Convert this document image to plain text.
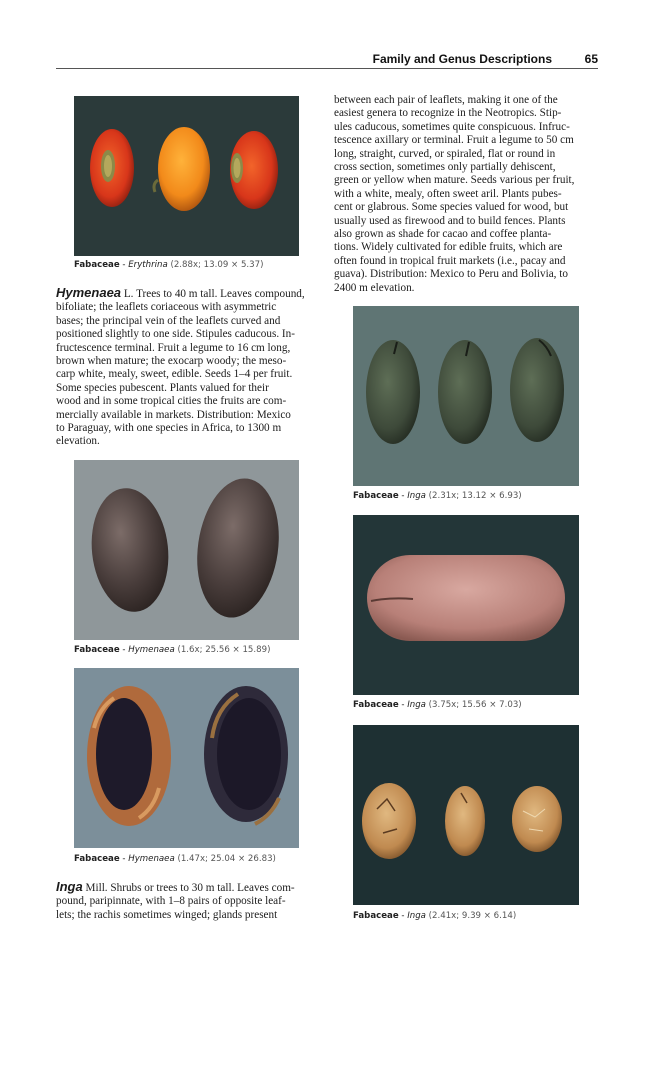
Family and Genus Descriptions	65
Fabaceae - Erythrina (2.88x; 13.09 × 5.37)

Hymenaea L. Trees to 40 m tall. Leaves compound,

bifoliate; the leaflets coriaceous with asymmetric

bases; the principal vein of the leaflets curved and

positioned slightly to one side. Stipules caducous. In-

fructescence terminal. Fruit a legume to 16 cm long,

brown when mature; the exocarp woody; the meso-

carp white, mealy, sweet, edible. Seeds 1–4 per fruit.

Some species pubescent. Plants valued for their

wood and in some tropical cities the fruits are com-

mercially available in markets. Distribution: Mexico

to Paraguay, with one species in Africa, to 1300 m

elevation.

Fabaceae - Hymenaea (1.6x; 25.56 × 15.89)
Fabaceae - Hymenaea (1.47x; 25.04 × 26.83)

Inga Mill. Shrubs or trees to 30 m tall. Leaves com-

pound, paripinnate, with 1–8 pairs of opposite leaf-

lets; the rachis sometimes winged; glands present

between each pair of leaflets, making it one of the

easiest genera to recognize in the Neotropics. Stip-

ules caducous, sometimes quite conspicuous. Infruc-

tescence axillary or terminal. Fruit a legume to 50 cm

long, straight, curved, or spiraled, flat or round in

cross section, sometimes only partially dehiscent,

green or yellow when mature. Seeds various per fruit,

with a white, mealy, often sweet aril. Plants pubes-

cent or glabrous. Some species valued for wood, but

usually used as firewood and to build fences. Plants

also grown as shade for cacao and coffee planta-

tions. Widely cultivated for edible fruits, which are

often found in tropical fruit markets (i.e., pacay and

guava). Distribution: Mexico to Peru and Bolivia, to

2400 m elevation.

Fabaceae - Inga (2.31x; 13.12 × 6.93)
Fabaceae - Inga (3.75x; 15.56 × 7.03)
Fabaceae - Inga (2.41x; 9.39 × 6.14)
